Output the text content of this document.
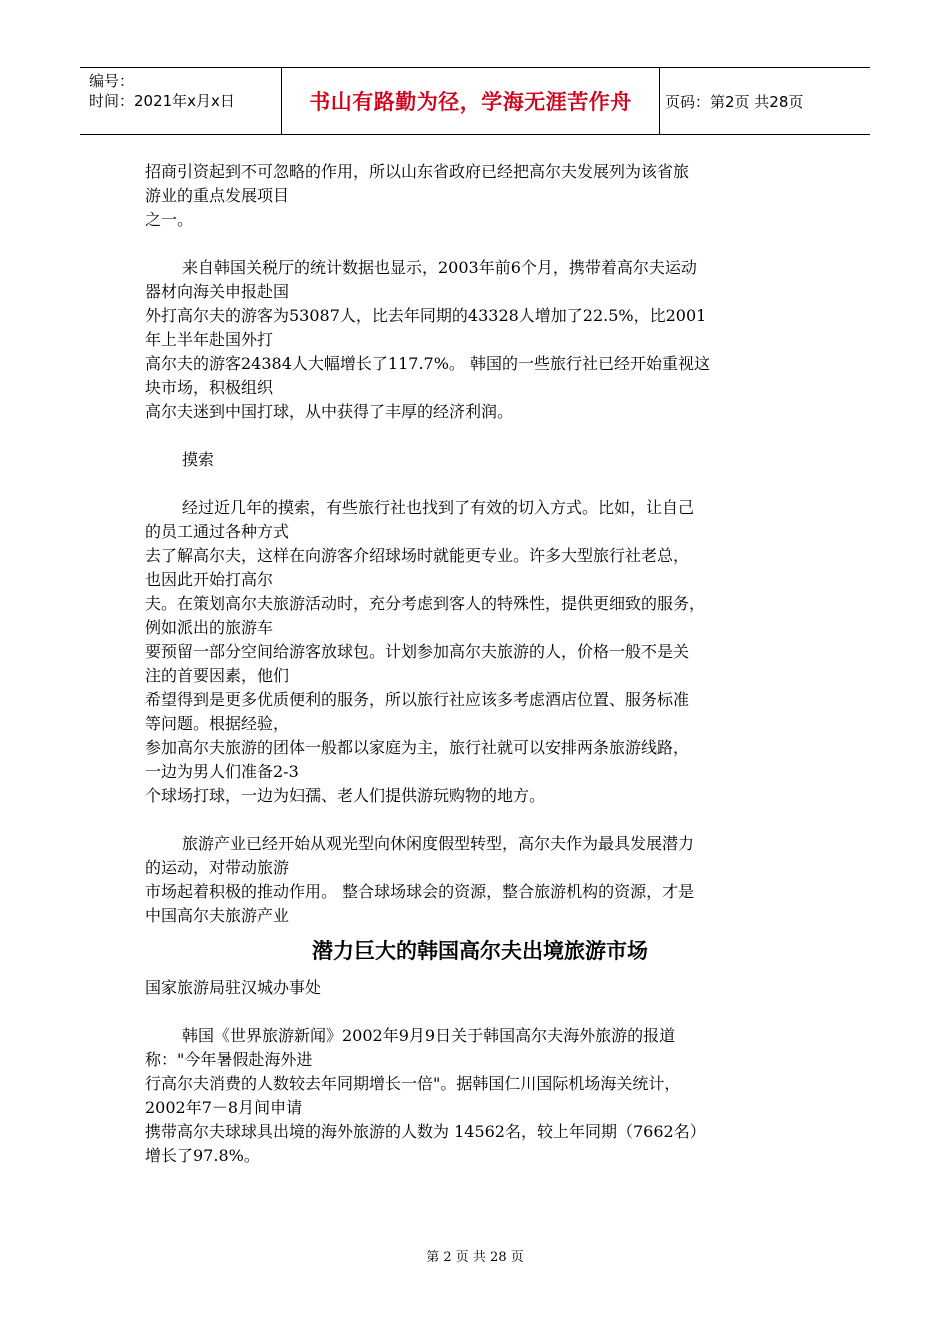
编号：
时间：2021年x月x日	书山有路勤为径，学海无涯苦作舟 页码：第2页 共28页
招商引资起到不可忽略的作用，所以山东省政府已经把高尔夫发展列为该省旅
游业的重点发展项目
之一。
来自韩国关税厅的统计数据也显示，2003年前6个月，携带着高尔夫运动
器材向海关申报赴国
外打高尔夫的游客为53087人，比去年同期的43328人增加了22.5%，比2001
年上半年赴国外打
高尔夫的游客24384人大幅增长了117.7%。 韩国的一些旅行社已经开始重视这
块市场，积极组织
高尔夫迷到中国打球，从中获得了丰厚的经济利润。
摸索
经过近几年的摸索，有些旅行社也找到了有效的切入方式。比如，让自己
的员工通过各种方式
去了解高尔夫，这样在向游客介绍球场时就能更专业。许多大型旅行社老总，
也因此开始打高尔
夫。在策划高尔夫旅游活动时，充分考虑到客人的特殊性，提供更细致的服务，
例如派出的旅游车
要预留一部分空间给游客放球包。计划参加高尔夫旅游的人，价格一般不是关
注的首要因素，他们
希望得到是更多优质便利的服务，所以旅行社应该多考虑酒店位置、服务标准
等问题。根据经验，
参加高尔夫旅游的团体一般都以家庭为主，旅行社就可以安排两条旅游线路，
一边为男人们准备2-3
个球场打球，一边为妇孺、老人们提供游玩购物的地方。
旅游产业已经开始从观光型向休闲度假型转型，高尔夫作为最具发展潜力
的运动，对带动旅游
市场起着积极的推动作用。 整合球场球会的资源，整合旅游机构的资源，才是
中国高尔夫旅游产业
潜力巨大的韩国高尔夫出境旅游市场
国家旅游局驻汉城办事处
韩国《世界旅游新闻》2002年9月9日关于韩国高尔夫海外旅游的报道
称："今年暑假赴海外进
行高尔夫消费的人数较去年同期增长一倍"。据韩国仁川国际机场海关统计，
2002年7－8月间申请
携带高尔夫球球具出境的海外旅游的人数为 14562名，较上年同期（7662名）
增长了97.8%。
第 2 页 共 28 页
